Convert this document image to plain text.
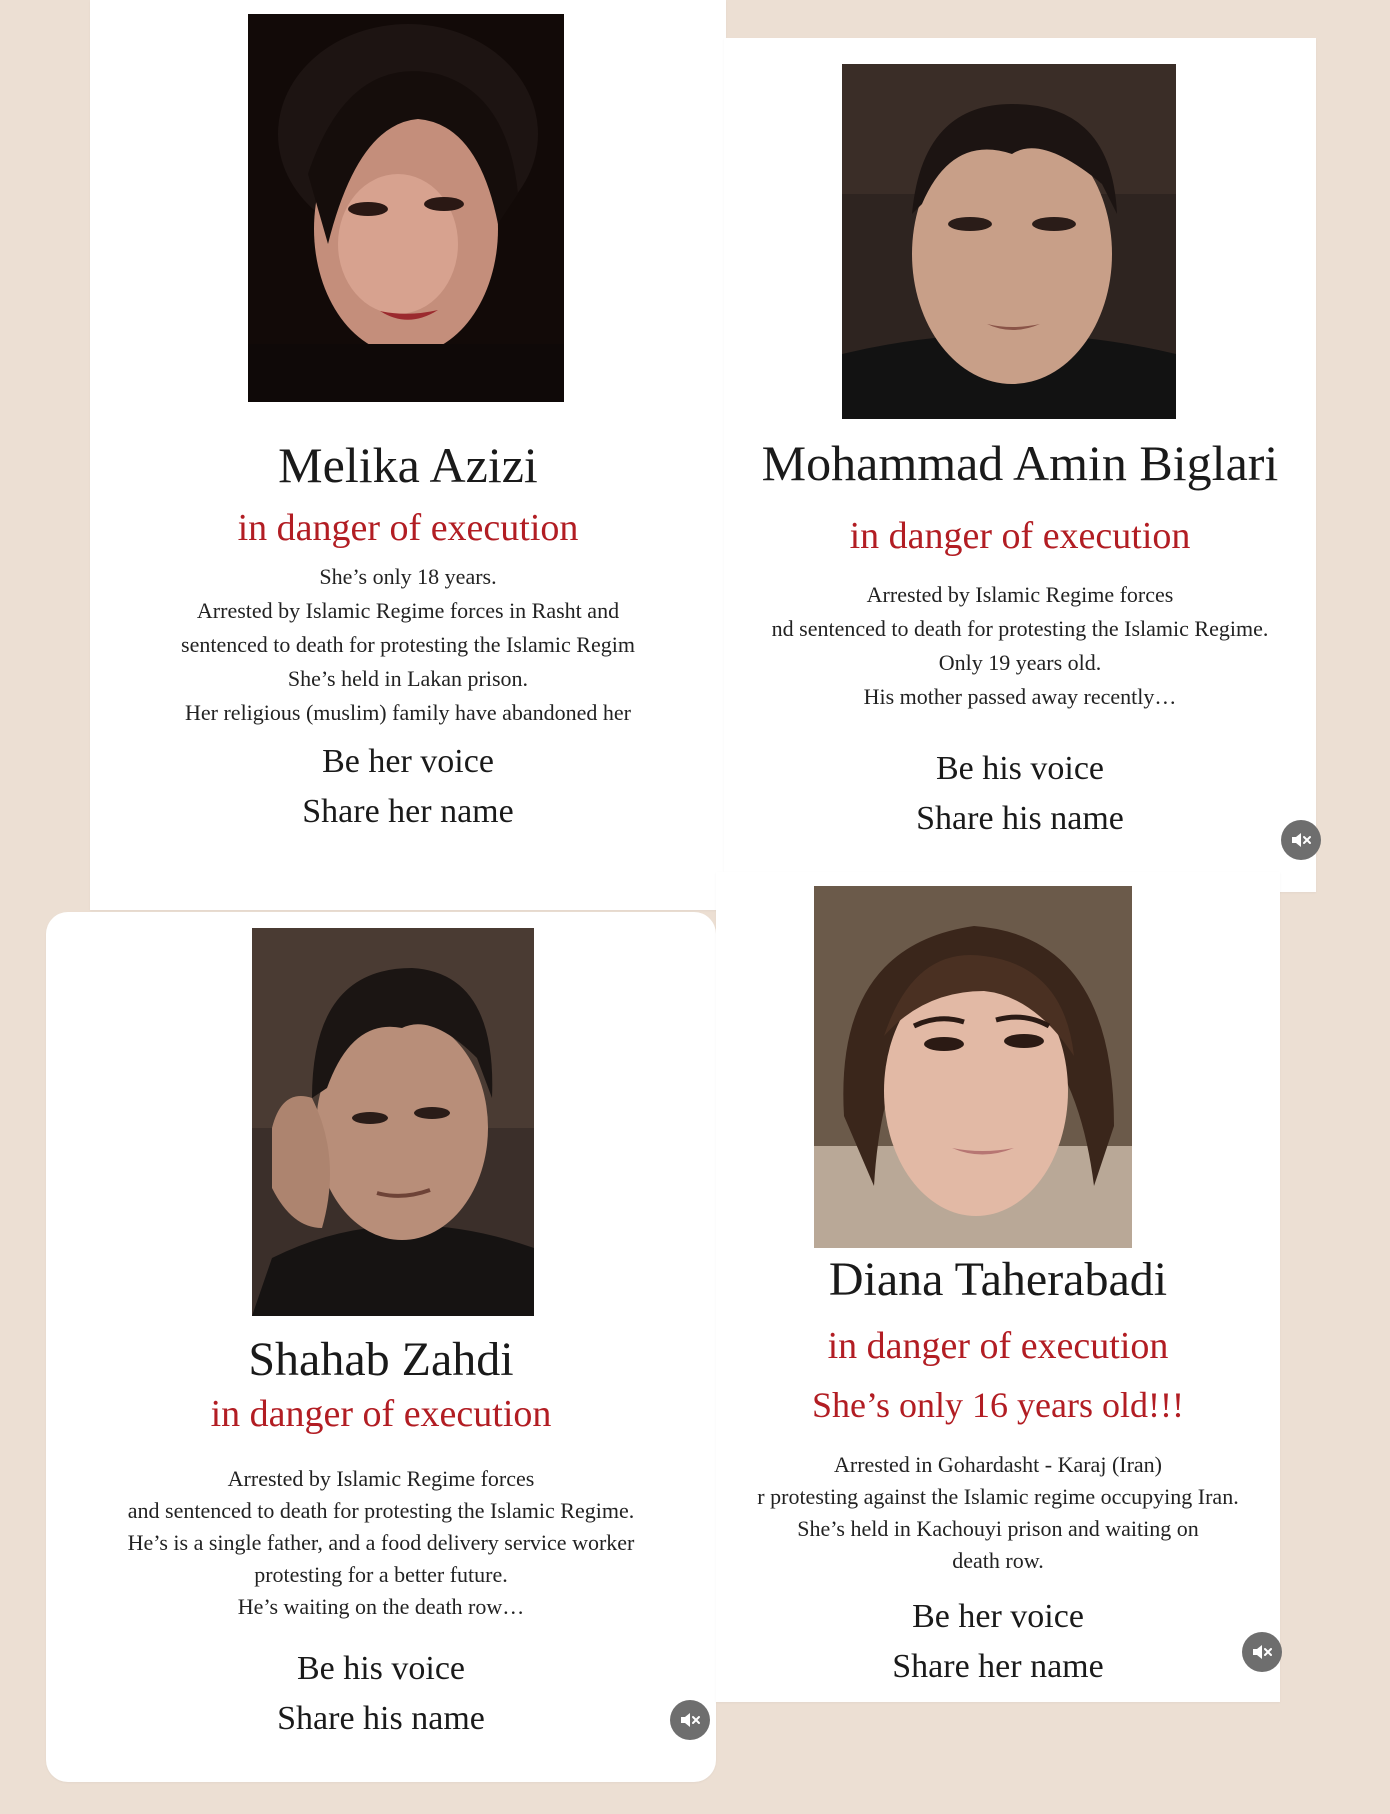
Melika Azizi
in danger of execution
She’s only 18 years.
Arrested by Islamic Regime forces in Rasht and
sentenced to death for protesting the Islamic Regim
She’s held in Lakan prison.
Her religious (muslim) family have abandoned her
Be her voice
Share her name
Mohammad Amin Biglari
in danger of execution
Arrested by Islamic Regime forces
nd sentenced to death for protesting the Islamic Regime.
Only 19 years old.
His mother passed away recently…
Be his voice
Share his name
Shahab Zahdi
in danger of execution
Arrested by Islamic Regime forces
and sentenced to death for protesting the Islamic Regime.
He’s is a single father, and a food delivery service worker
protesting for a better future.
He’s waiting on the death row…
Be his voice
Share his name
Diana Taherabadi
in danger of execution
She’s only 16 years old!!!
Arrested in Gohardasht - Karaj (Iran)
r protesting against the Islamic regime occupying Iran.
She’s held in Kachouyi prison and waiting on
death row.
Be her voice
Share her name
